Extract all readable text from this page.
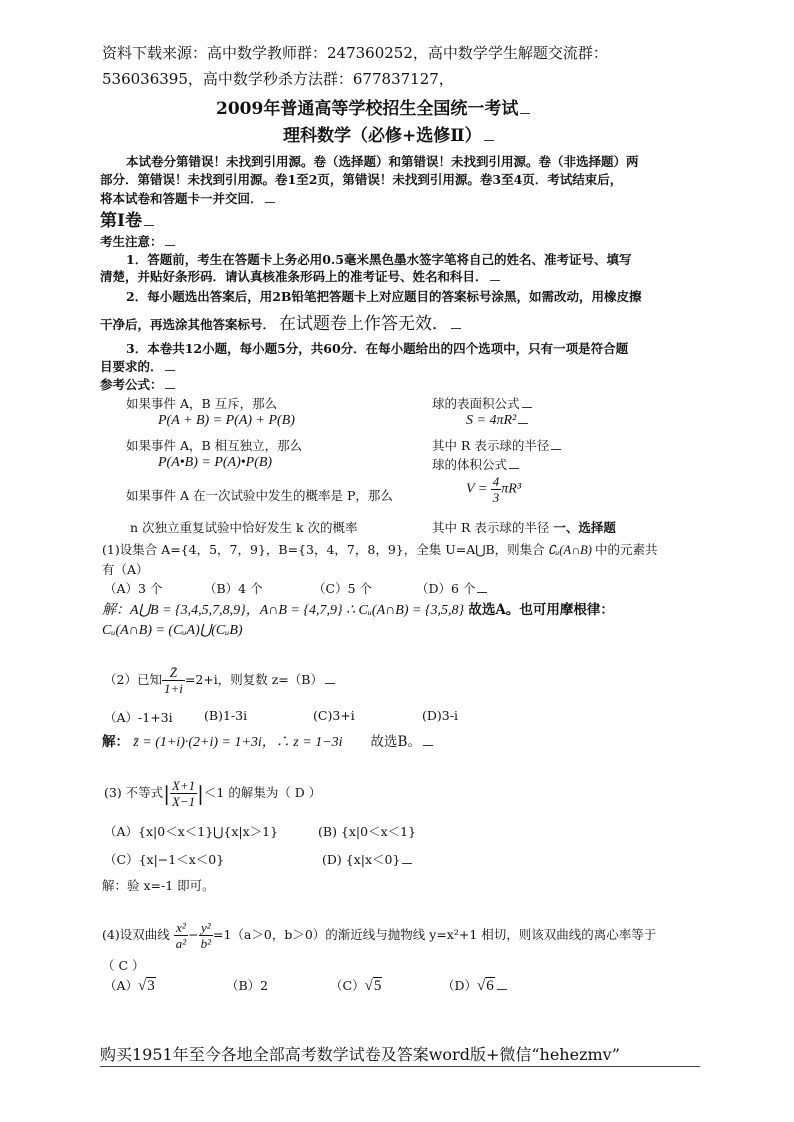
资料下载来源：高中数学教师群：247360252，高中数学学生解题交流群：
536036395，高中数学秒杀方法群：677837127，
2009年普通高等学校招生全国统一考试
理科数学（必修+选修Ⅱ）
本试卷分第错误！未找到引用源。卷（选择题）和第错误！未找到引用源。卷（非选择题）两
部分．第错误！未找到引用源。卷1至2页，第错误！未找到引用源。卷3至4页．考试结束后，
将本试卷和答题卡一并交回．
第Ⅰ卷
考生注意：
1．答题前，考生在答题卡上务必用0.5毫米黑色墨水签字笔将自己的姓名、准考证号、填写
清楚，并贴好条形码．请认真核准条形码上的准考证号、姓名和科目．
2．每小题选出答案后，用2B铅笔把答题卡上对应题目的答案标号涂黑，如需改动，用橡皮擦
干净后，再选涂其他答案标号． 在试题卷上作答无效．
3．本卷共12小题，每小题5分，共60分．在每小题给出的四个选项中，只有一项是符合题
目要求的．
参考公式：
如果事件 A，B 互斥，那么	球的表面积公式
P(A + B) = P(A) + P(B)	S = 4πR²
如果事件 A，B 相互独立，那么	其中 R 表示球的半径
P(A•B) = P(A)•P(B)	球的体积公式
如果事件 A 在一次试验中发生的概率是 P，那么	$V = \frac{4}{3} \pi R^3$
n 次独立重复试验中恰好发生 k 次的概率	其中 R 表示球的半径 一、选择题
(1)设集合 A={4，5，7，9}，B={3，4，7，8，9}，全集 U=A⋃B，则集合 ∁ᵤ(A∩B) 中的元素共
有（A）
（A）3 个	（B）4 个	（C）5 个	（D）6 个
解：A⋃B = {3,4,5,7,8,9}，A∩B = {4,7,9} ∴ Cᵤ(A∩B) = {3,5,8} 故选A。也可用摩根律：
Cᵤ(A∩B) = (CᵤA)⋃(CᵤB)
（2）已知 $\frac{Z̄}{1+i} =2+i$，则复数 z=（B）
（A）-1+3i	(B)1-3i	(C)3+i	(D)3-i
解： z̄ = (1+i)·(2+i) = 1+3i，∴ z = 1−3i 故选B。
(3) 不等式| $\frac{X+1}{X-1} |<1$ 的解集为（ D ）
（A）{x|0＜x＜1}⋃{x|x＞1}	(B) {x|0＜x＜1}
（C）{x|−1＜x＜0}	(D) {x|x＜0}
解：验 x=-1 即可。
(4)设双曲线 $\frac{\text{x²}}{\text{a²}} - \frac{\text{y²}}{\text{b²}} =1(a>0$，b＞0）的渐近线与抛物线 y=x²+1 相切，则该双曲线的离心率等于
（ C ）
（A）√3	（B）2	（C）√5	（D）√6
购买1951年至今各地全部高考数学试卷及答案word版+微信“hehezmv”
